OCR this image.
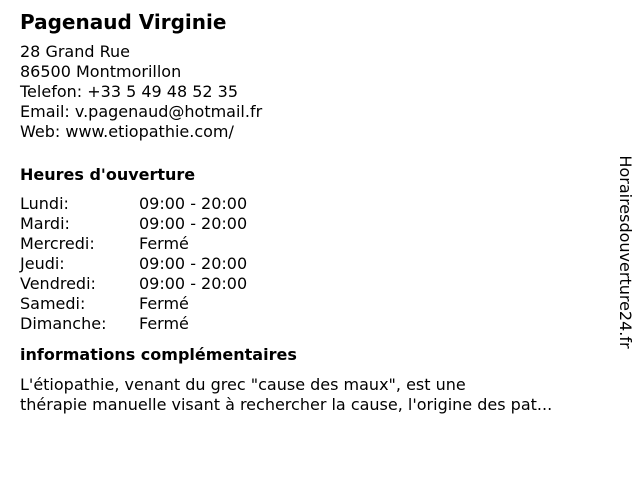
Pagenaud Virginie
28 Grand Rue
86500 Montmorillon
Telefon: +33 5 49 48 52 35
Email: v.pagenaud@hotmail.fr
Web: www.etiopathie.com/
Heures d'ouverture
Lundi:	09:00 - 20:00
Mardi:	09:00 - 20:00
Mercredi:	Fermé
Jeudi:	09:00 - 20:00
Vendredi:	09:00 - 20:00
Samedi:	Fermé
Dimanche:	Fermé
informations complémentaires
L'étiopathie, venant du grec "cause des maux", est une
thérapie manuelle visant à rechercher la cause, l'origine des pat...
Horairesdouverture24.fr
